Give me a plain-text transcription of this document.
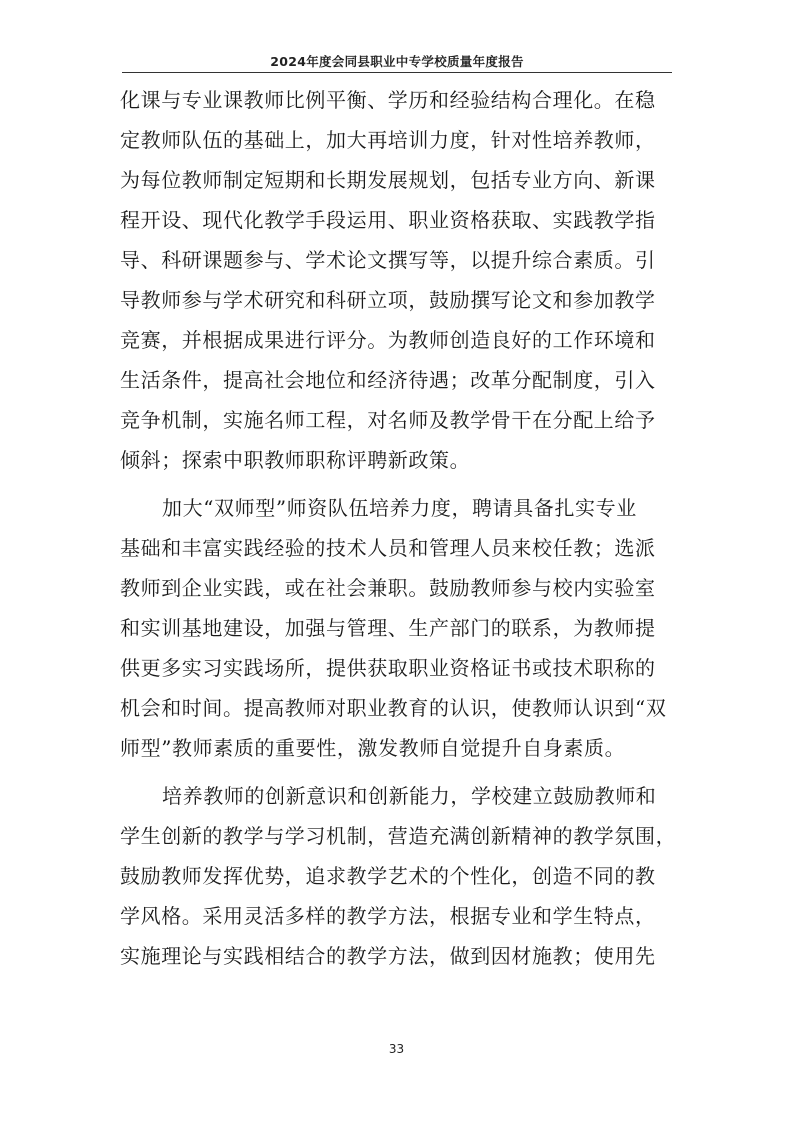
2024年度会同县职业中专学校质量年度报告
化课与专业课教师比例平衡、学历和经验结构合理化。在稳
定教师队伍的基础上，加大再培训力度，针对性培养教师，
为每位教师制定短期和长期发展规划，包括专业方向、新课
程开设、现代化教学手段运用、职业资格获取、实践教学指
导、科研课题参与、学术论文撰写等，以提升综合素质。引
导教师参与学术研究和科研立项，鼓励撰写论文和参加教学
竞赛，并根据成果进行评分。为教师创造良好的工作环境和
生活条件，提高社会地位和经济待遇；改革分配制度，引入
竞争机制，实施名师工程，对名师及教学骨干在分配上给予
倾斜；探索中职教师职称评聘新政策。
加大“双师型”师资队伍培养力度，聘请具备扎实专业
基础和丰富实践经验的技术人员和管理人员来校任教；选派
教师到企业实践，或在社会兼职。鼓励教师参与校内实验室
和实训基地建设，加强与管理、生产部门的联系，为教师提
供更多实习实践场所，提供获取职业资格证书或技术职称的
机会和时间。提高教师对职业教育的认识，使教师认识到“双
师型”教师素质的重要性，激发教师自觉提升自身素质。
培养教师的创新意识和创新能力，学校建立鼓励教师和
学生创新的教学与学习机制，营造充满创新精神的教学氛围，
鼓励教师发挥优势，追求教学艺术的个性化，创造不同的教
学风格。采用灵活多样的教学方法，根据专业和学生特点，
实施理论与实践相结合的教学方法，做到因材施教；使用先
33
